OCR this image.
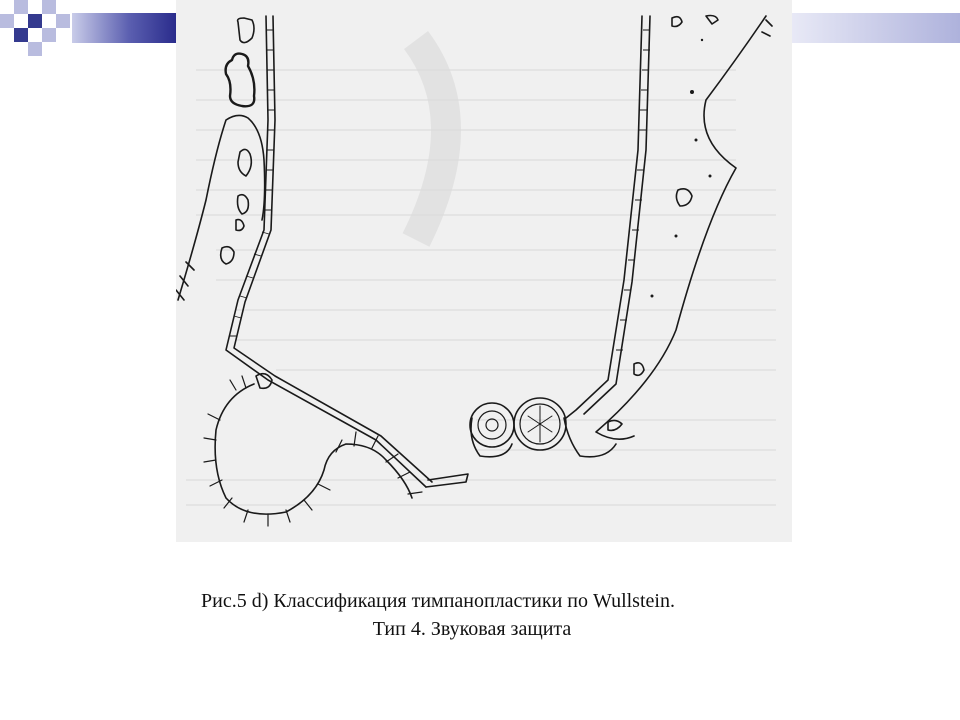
Рис.5 d) Классификация тимпанопластики по Wullstein.
Тип 4. Звуковая защита
